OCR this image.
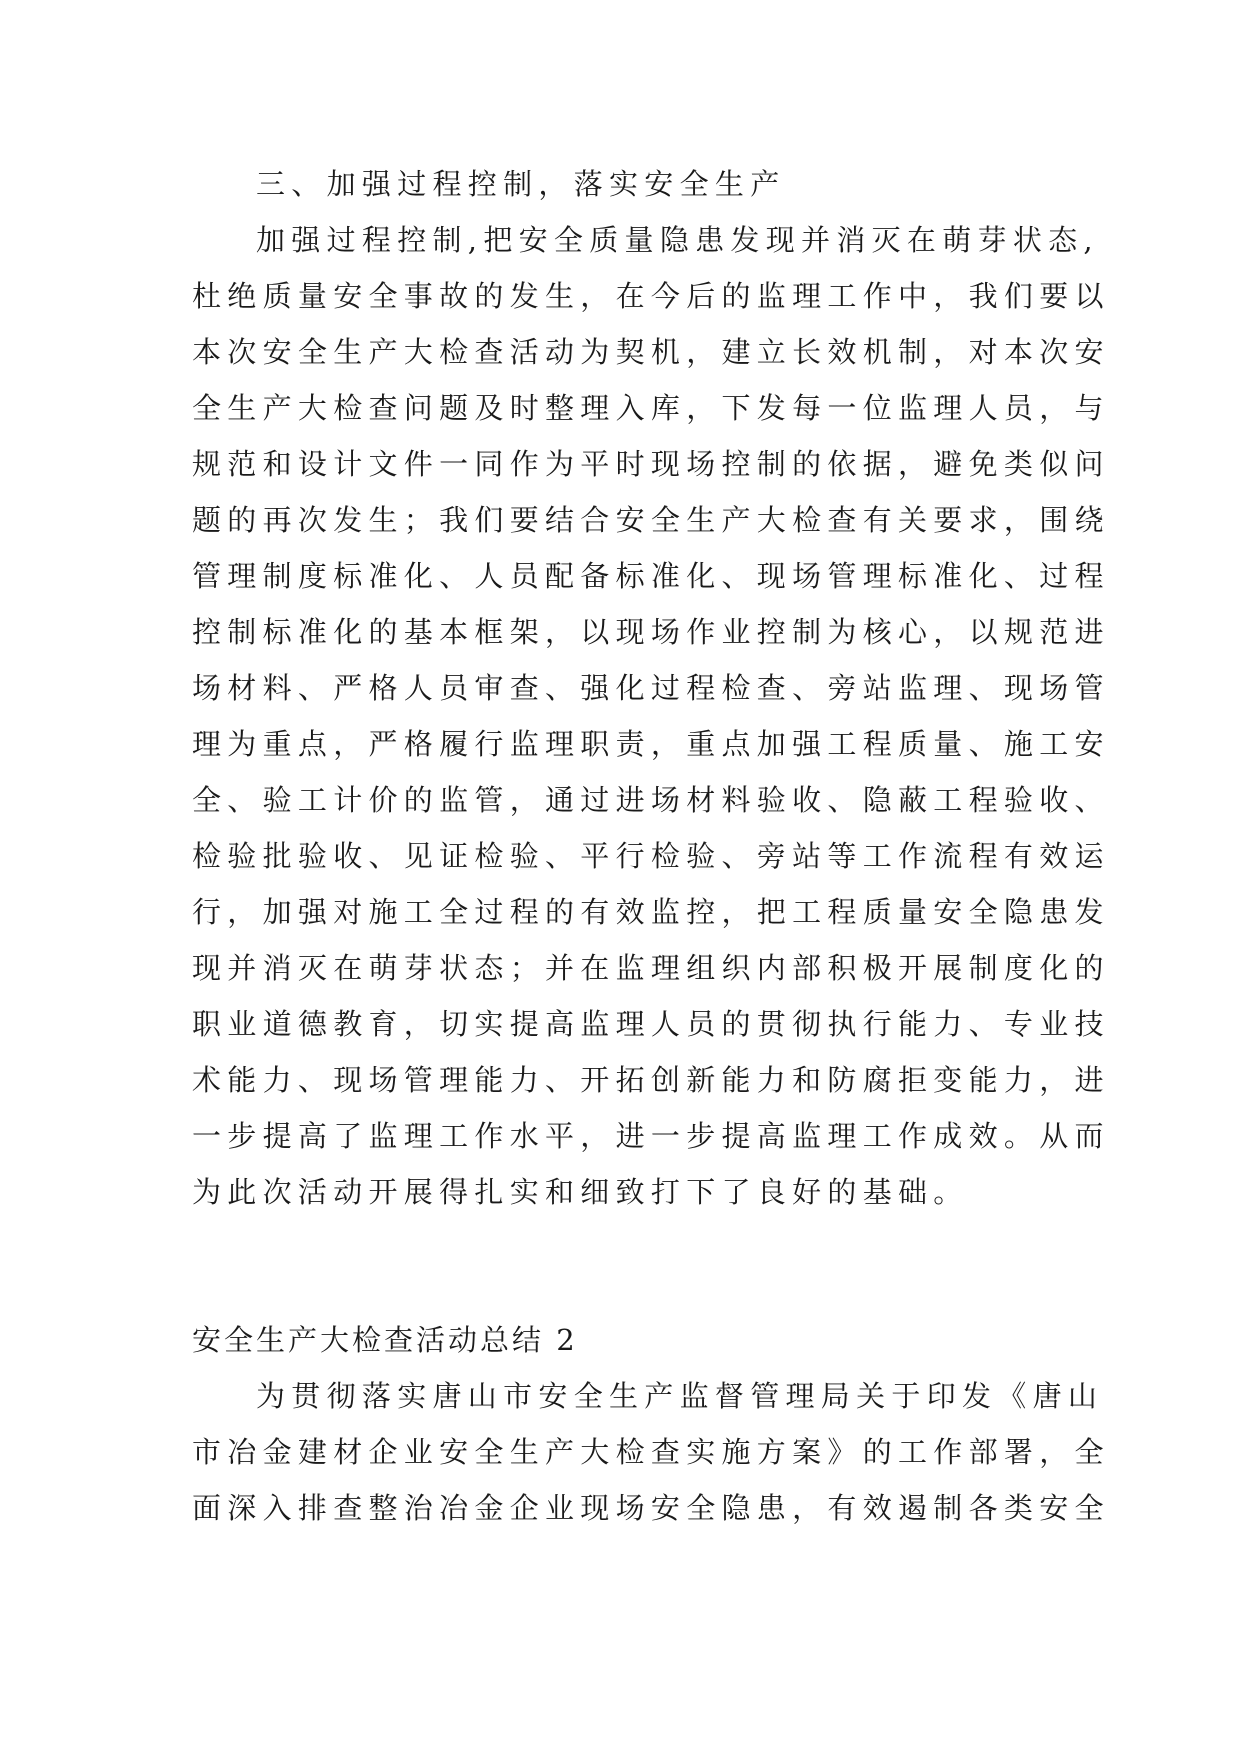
三、加强过程控制，落实安全生产
加强过程控制,把安全质量隐患发现并消灭在萌芽状态,
杜绝质量安全事故的发生，在今后的监理工作中，我们要以
本次安全生产大检查活动为契机，建立长效机制，对本次安
全生产大检查问题及时整理入库，下发每一位监理人员，与
规范和设计文件一同作为平时现场控制的依据，避免类似问
题的再次发生；我们要结合安全生产大检查有关要求，围绕
管理制度标准化、人员配备标准化、现场管理标准化、过程
控制标准化的基本框架，以现场作业控制为核心，以规范进
场材料、严格人员审查、强化过程检查、旁站监理、现场管
理为重点，严格履行监理职责，重点加强工程质量、施工安
全、验工计价的监管，通过进场材料验收、隐蔽工程验收、
检验批验收、见证检验、平行检验、旁站等工作流程有效运
行，加强对施工全过程的有效监控，把工程质量安全隐患发
现并消灭在萌芽状态；并在监理组织内部积极开展制度化的
职业道德教育，切实提高监理人员的贯彻执行能力、专业技
术能力、现场管理能力、开拓创新能力和防腐拒变能力，进
一步提高了监理工作水平，进一步提高监理工作成效。从而
为此次活动开展得扎实和细致打下了良好的基础。
安全生产大检查活动总结 2
为贯彻落实唐山市安全生产监督管理局关于印发《唐山
市冶金建材企业安全生产大检查实施方案》的工作部署，全
面深入排查整治冶金企业现场安全隐患，有效遏制各类安全
